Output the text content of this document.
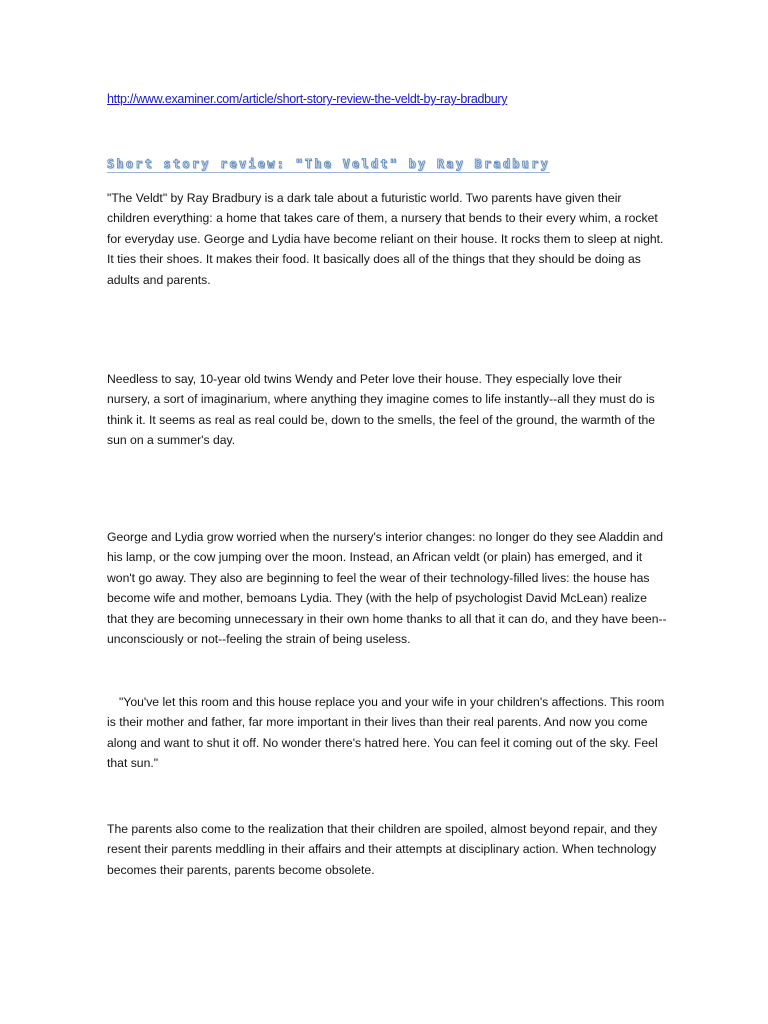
http://www.examiner.com/article/short-story-review-the-veldt-by-ray-bradbury
Short story review: "The Veldt" by Ray Bradbury

"The Veldt" by Ray Bradbury is a dark tale about a futuristic world. Two parents have given their children everything: a home that takes care of them, a nursery that bends to their every whim, a rocket for everyday use. George and Lydia have become reliant on their house. It rocks them to sleep at night. It ties their shoes. It makes their food. It basically does all of the things that they should be doing as adults and parents.

Needless to say, 10-year old twins Wendy and Peter love their house. They especially love their nursery, a sort of imaginarium, where anything they imagine comes to life instantly--all they must do is think it. It seems as real as real could be, down to the smells, the feel of the ground, the warmth of the sun on a summer's day.

George and Lydia grow worried when the nursery's interior changes: no longer do they see Aladdin and his lamp, or the cow jumping over the moon. Instead, an African veldt (or plain) has emerged, and it won't go away. They also are beginning to feel the wear of their technology-filled lives: the house has become wife and mother, bemoans Lydia. They (with the help of psychologist David McLean) realize that they are becoming unnecessary in their own home thanks to all that it can do, and they have been--unconsciously or not--feeling the strain of being useless.

"You've let this room and this house replace you and your wife in your children's affections. This room is their mother and father, far more important in their lives than their real parents. And now you come along and want to shut it off. No wonder there's hatred here. You can feel it coming out of the sky. Feel that sun."

The parents also come to the realization that their children are spoiled, almost beyond repair, and they resent their parents meddling in their affairs and their attempts at disciplinary action. When technology becomes their parents, parents become obsolete.
